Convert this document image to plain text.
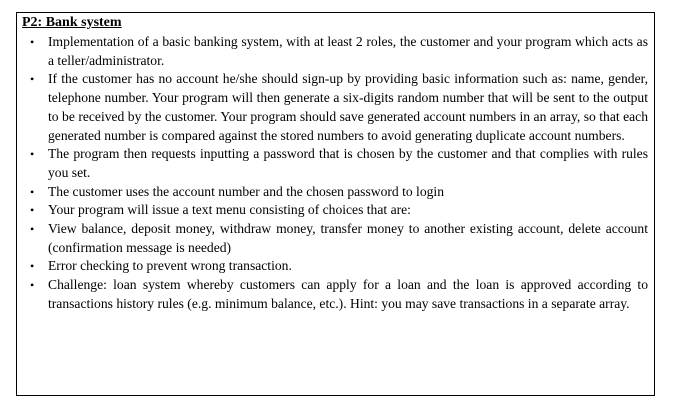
P2: Bank system
• Implementation of a basic banking system, with at least 2 roles, the customer and your program which acts as a teller/administrator.
• If the customer has no account he/she should sign-up by providing basic information such as: name, gender, telephone number. Your program will then generate a six-digits random number that will be sent to the output to be received by the customer. Your program should save generated account numbers in an array, so that each generated number is compared against the stored numbers to avoid generating duplicate account numbers.
• The program then requests inputting a password that is chosen by the customer and that complies with rules you set.
• The customer uses the account number and the chosen password to login
• Your program will issue a text menu consisting of choices that are:
• View balance, deposit money, withdraw money, transfer money to another existing account, delete account (confirmation message is needed)
• Error checking to prevent wrong transaction.
• Challenge: loan system whereby customers can apply for a loan and the loan is approved according to transactions history rules (e.g. minimum balance, etc.). Hint: you may save transactions in a separate array.
